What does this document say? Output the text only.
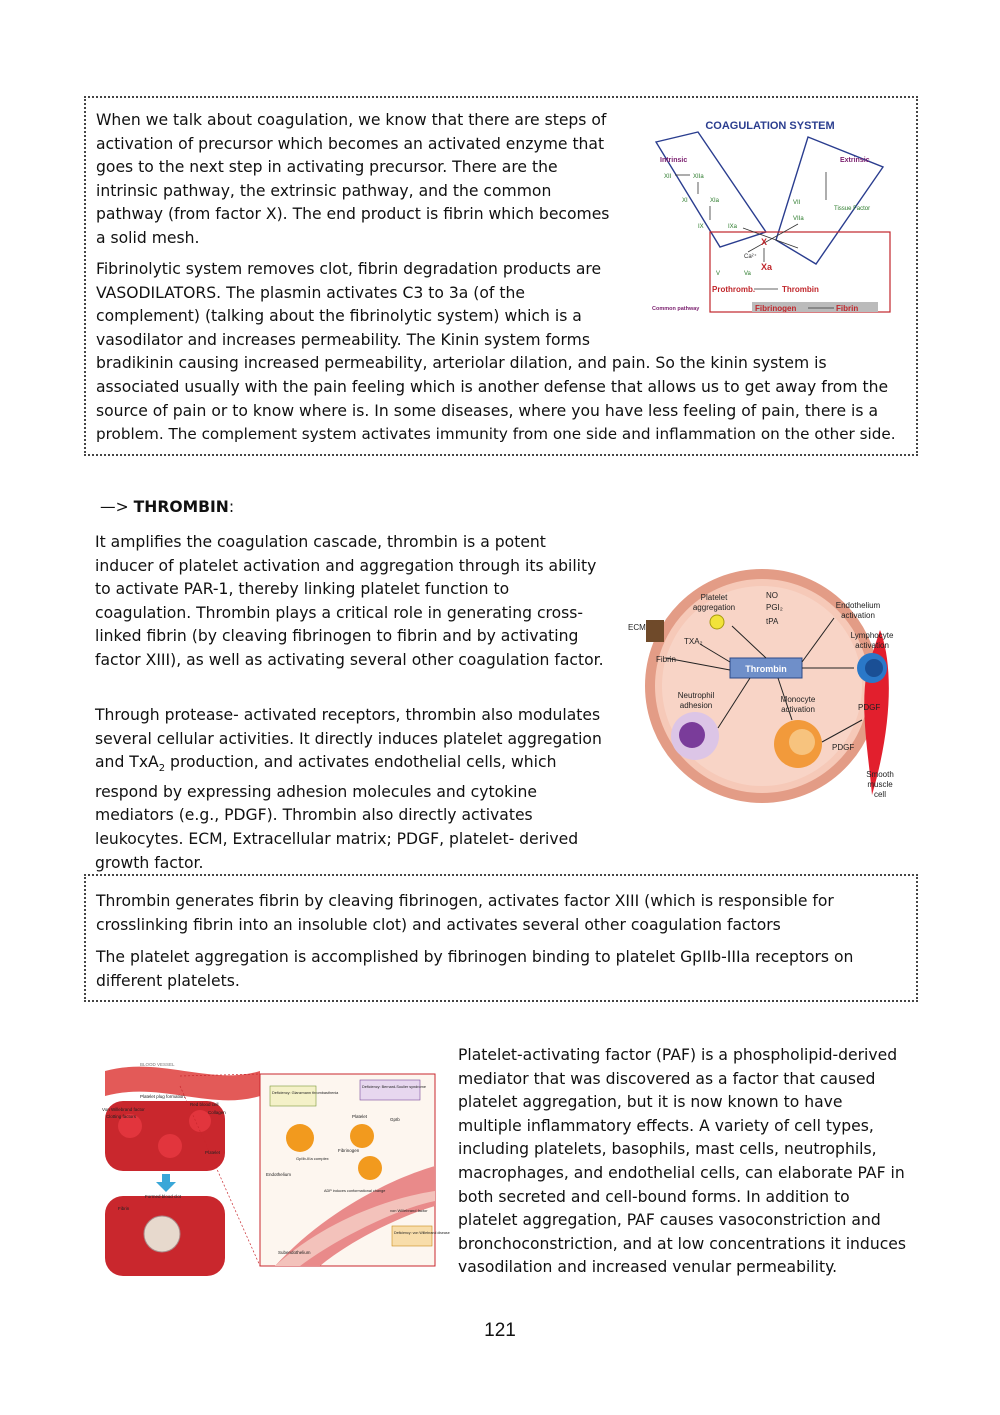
When we talk about coagulation, we know that there are steps of activation of precursor which becomes an activated enzyme that goes to the next step in activating precursor. There are the intrinsic pathway, the extrinsic pathway, and the common pathway (from factor X). The end product is fibrin which becomes a solid mesh.

Fibrinolytic system removes clot, fibrin degradation products are
VASODILATORS. The plasmin activates C3 to 3a (of the
complement) (talking about the fibrinolytic system) which is a
vasodilator and increases permeability. The Kinin system forms
bradikinin causing increased permeability, arteriolar dilation, and pain. So the kinin system is
associated usually with the pain feeling which is another defense that allows us to get away from the
source of pain or to know where is. In some diseases, where you have less feeling of pain, there is a
problem. The complement system activates immunity from one side and inflammation on the other side.
COAGULATION SYSTEM
Intrinsic	Extrinsic
XII	XIIa
XI	XIa
IX	IXa
VII
VIIa
Tissue Factor
X
Ca²⁺
Xa
V	Va
Prothromb.	Thrombin
Fibrinogen	Fibrin
Common pathway
—> THROMBIN:

It amplifies the coagulation cascade, thrombin is a potent inducer of platelet activation and aggregation through its ability to activate PAR-1, thereby linking platelet function to coagulation. Thrombin plays a critical role in generating cross-linked fibrin (by cleaving fibrinogen to fibrin and by activating factor XIII), as well as activating several other coagulation factor.

Through protease- activated receptors, thrombin also modulates several cellular activities. It directly induces platelet aggregation and TxA$_2$ production, and activates endothelial cells, which respond by expressing adhesion molecules and cytokine mediators (e.g., PDGF). Thrombin also directly activates leukocytes. ECM, Extracellular matrix; PDGF, platelet- derived growth factor.

Thrombin
Platelet
aggregation
NO
PGI₂
tPA
Endothelium
activation
ECM
TXA₂
Fibrin
Lymphocyte
activation
Neutrophil
adhesion
Monocyte
activation	PDGF
PDGF
Smooth
muscle
cell

Thrombin generates fibrin by cleaving fibrinogen, activates factor XIII (which is responsible for crosslinking fibrin into an insoluble clot) and activates several other coagulation factors

The platelet aggregation is accomplished by fibrinogen binding to platelet GpIIb-IIIa receptors on different platelets.

BLOOD VESSEL
Platelet plug formation
Red blood cell
Von Willebrand factor
Collagen
Clotting factors
Platelet
Formed blood clot
Fibrin
Deficiency: Glanzmann thrombasthenia
Deficiency: Bernard-Soulier syndrome
Deficiency: von Willebrand disease
GpIb
Platelet
GpIIb-IIIa complex
Fibrinogen
Endothelium
ADP induces conformational change
von Willebrand factor
Subendothelium

Platelet-activating factor (PAF) is a phospholipid-derived mediator that was discovered as a factor that caused platelet aggregation, but it is now known to have multiple inflammatory effects. A variety of cell types, including platelets, basophils, mast cells, neutrophils, macrophages, and endothelial cells, can elaborate PAF in both secreted and cell-bound forms. In addition to platelet aggregation, PAF causes vasoconstriction and bronchoconstriction, and at low concentrations it induces vasodilation and increased venular permeability.

121
